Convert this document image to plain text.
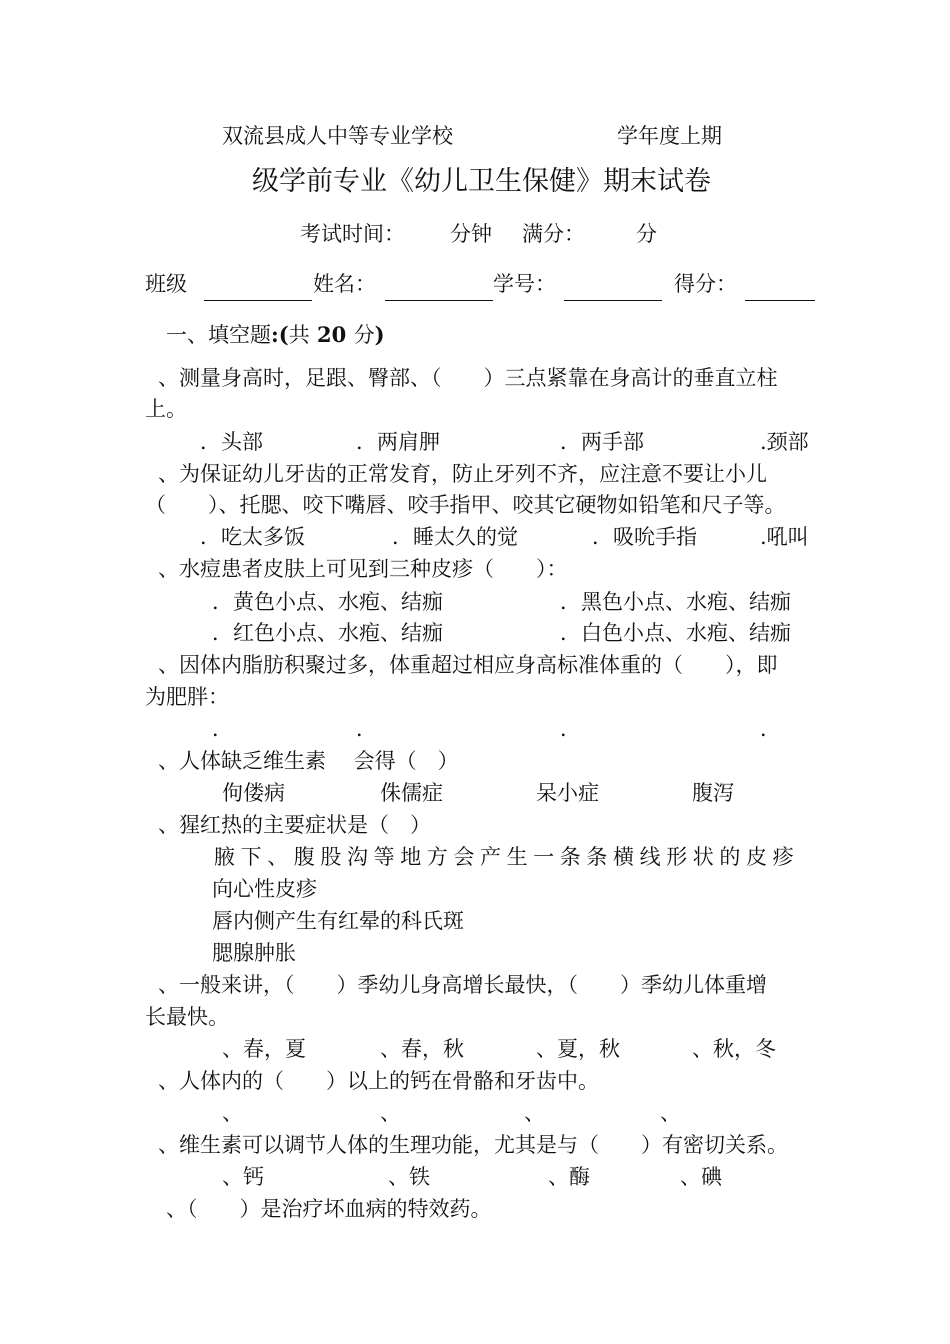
双流县成人中等专业学校	学年度上期
级学前专业《幼儿卫生保健》期末试卷
考试时间： 分钟 满分： 分
班级	姓名：	学号：	得分：
一、填空题:(共 20 分)
、测量身高时，足跟、臀部、（　　）三点紧靠在身高计的垂直立柱
上。
．头部	．两肩胛	．两手部	.颈部
、为保证幼儿牙齿的正常发育，防止牙列不齐，应注意不要让小儿
（　　）、托腮、咬下嘴唇、咬手指甲、咬其它硬物如铅笔和尺子等。
．吃太多饭	．睡太久的觉	．吸吮手指	.吼叫
、水痘患者皮肤上可见到三种皮疹（　　）：
．黄色小点、水疱、结痂	．黑色小点、水疱、结痂
．红色小点、水疱、结痂	．白色小点、水疱、结痂
、因体内脂肪积聚过多，体重超过相应身高标准体重的（　　），即
为肥胖：
．	．	．	．
、人体缺乏维生素　 会得（　）
佝偻病	侏儒症	呆小症	腹泻
、猩红热的主要症状是（　）
腋下、腹股沟等地方会产生一条条横线形状的皮疹
向心性皮疹
唇内侧产生有红晕的科氏斑
腮腺肿胀
、一般来讲，（　　）季幼儿身高增长最快，（　　）季幼儿体重增
长最快。
、春，夏	、春，秋	、夏，秋	、秋，冬
、人体内的（　　）以上的钙在骨骼和牙齿中。
、	、	、	、
、维生素可以调节人体的生理功能，尤其是与（　　）有密切关系。
、钙	、铁	、酶	、碘
、（　　）是治疗坏血病的特效药。
